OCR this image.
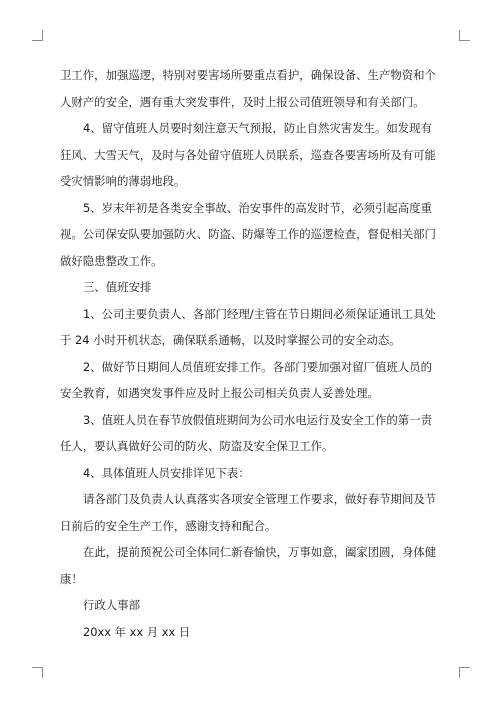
卫工作，加强巡逻，特别对要害场所要重点看护，确保设备、生产物资和个人财产的安全，遇有重大突发事件，及时上报公司值班领导和有关部门。

4、留守值班人员要时刻注意天气预报，防止自然灾害发生。如发现有狂风、大雪天气，及时与各处留守值班人员联系，巡查各要害场所及有可能受灾情影响的薄弱地段。

5、岁末年初是各类安全事故、治安事件的高发时节，必须引起高度重视。公司保安队要加强防火、防盗、防爆等工作的巡逻检查，督促相关部门做好隐患整改工作。

三、值班安排

1、公司主要负责人、各部门经理/主管在节日期间必须保证通讯工具处于 24 小时开机状态，确保联系通畅，以及时掌握公司的安全动态。

2、做好节日期间人员值班安排工作。各部门要加强对留厂值班人员的安全教育，如遇突发事件应及时上报公司相关负责人妥善处理。

3、值班人员在春节放假值班期间为公司水电运行及安全工作的第一责任人，要认真做好公司的防火、防盗及安全保卫工作。

4、具体值班人员安排详见下表：

请各部门及负责人认真落实各项安全管理工作要求，做好春节期间及节日前后的安全生产工作，感谢支持和配合。

在此，提前预祝公司全体同仁新春愉快，万事如意，阖家团圆，身体健康！

行政人事部

20xx 年 xx 月 xx 日
